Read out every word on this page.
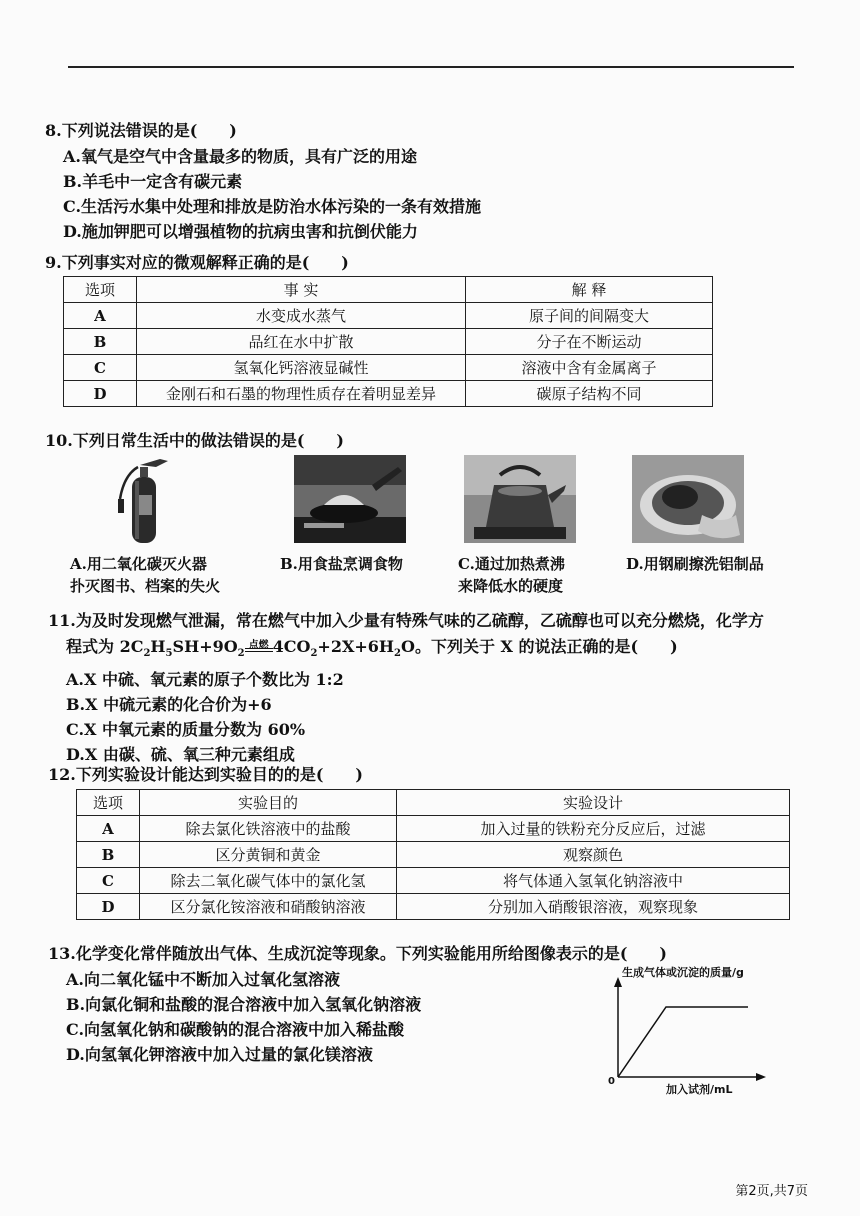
8.下列说法错误的是(　　)
A.氧气是空气中含量最多的物质，具有广泛的用途
B.羊毛中一定含有碳元素
C.生活污水集中处理和排放是防治水体污染的一条有效措施
D.施加钾肥可以增强植物的抗病虫害和抗倒伏能力
9.下列事实对应的微观解释正确的是(　　)
选项	事 实	解 释
A	水变成水蒸气	原子间的间隔变大
B	品红在水中扩散	分子在不断运动
C	氢氧化钙溶液显碱性	溶液中含有金属离子
D	金刚石和石墨的物理性质存在着明显差异	碳原子结构不同
10.下列日常生活中的做法错误的是(　　)
A.用二氧化碳灭火器
扑灭图书、档案的失火
B.用食盐烹调食物	C.通过加热煮沸
来降低水的硬度
D.用钢刷擦洗铝制品
11.为及时发现燃气泄漏，常在燃气中加入少量有特殊气味的乙硫醇，乙硫醇也可以充分燃烧，化学方
程式为 $2C_2H_5SH+9O_2$
点燃 $4CO_2+2X+6H_2O$。下列关于 X 的说法正确的是(　　)
A.X 中硫、氧元素的原子个数比为 1:2
B.X 中硫元素的化合价为+6
C.X 中氧元素的质量分数为 60%
D.X 由碳、硫、氧三种元素组成
12.下列实验设计能达到实验目的的是(　　)
选项	实验目的	实验设计
A	除去氯化铁溶液中的盐酸	加入过量的铁粉充分反应后，过滤
B	区分黄铜和黄金	观察颜色
C	除去二氧化碳气体中的氯化氢	将气体通入氢氧化钠溶液中
D	区分氯化铵溶液和硝酸钠溶液	分别加入硝酸银溶液，观察现象
13.化学变化常伴随放出气体、生成沉淀等现象。下列实验能用所给图像表示的是(　　)
A.向二氧化锰中不断加入过氧化氢溶液
B.向氯化铜和盐酸的混合溶液中加入氢氧化钠溶液
C.向氢氧化钠和碳酸钠的混合溶液中加入稀盐酸
D.向氢氧化钾溶液中加入过量的氯化镁溶液
生成气体或沉淀的质量/g
0
加入试剂/mL
第2页,共7页
